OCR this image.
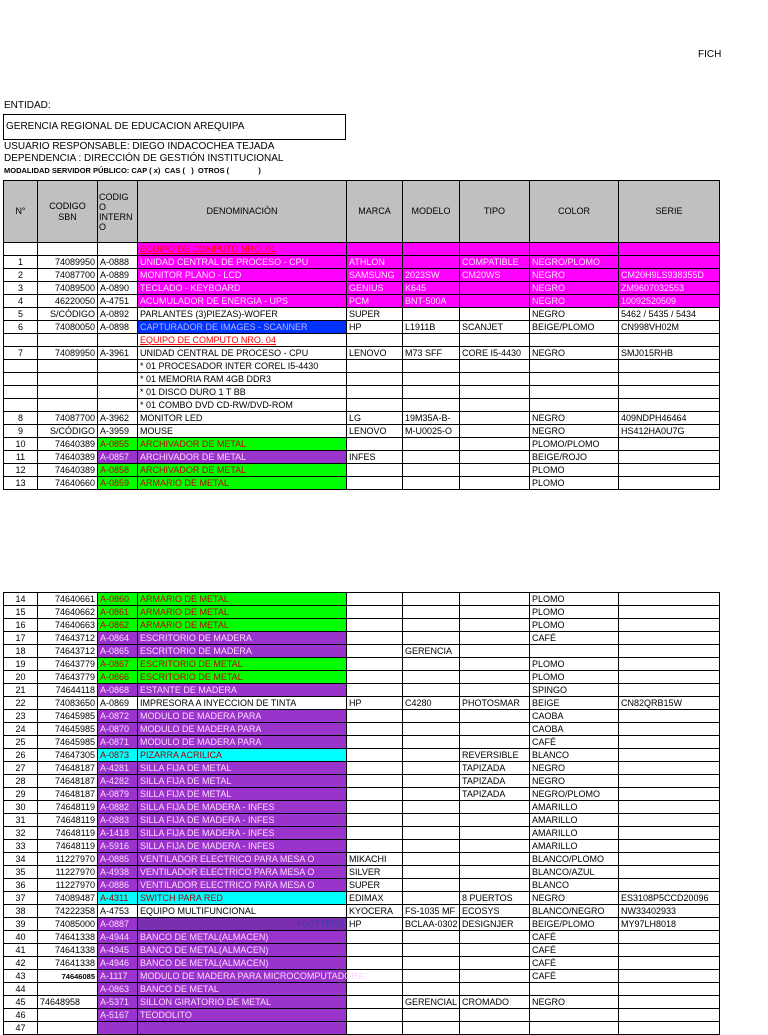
FICH
ENTIDAD:
GERENCIA REGIONAL DE EDUCACION AREQUIPA
USUARIO RESPONSABLE: DIEGO INDACOCHEA TEJADA
DEPENDENCIA : DIRECCIÓN DE GESTIÓN INSTITUCIONAL
MODALIDAD SERVIDOR PÚBLICO: CAP ( x)  CAS (   )  OTROS (              )
N°	CODIGO SBN	CODIGO INTERNO	DENOMINACIÓN	MARCA	MODELO	TIPO	COLOR	SERIE
			EQUIPO DE COMPUTO NRO. 01					
1	74089950	A-0888	UNIDAD CENTRAL DE PROCESO - CPU	ATHLON		COMPATIBLE	NEGRO/PLOMO	
2	74087700	A-0889	MONITOR PLANO - LCD	SAMSUNG	2023SW	CM20WS	NEGRO	CM20H9LS938355D
3	74089500	A-0890	TECLADO - KEYBOARD	GENIUS	K645		NEGRO	ZM9607032553
4	46220050	A-4751	ACUMULADOR DE ENERGIA - UPS	PCM	BNT-500A		NEGRO	10092520509
5	S/CÓDIGO	A-0892	PARLANTES (3)PIEZAS)-WOFER	SUPER			NEGRO	5462 / 5435 / 5434
6	74080050	A-0898	CAPTURADOR DE IMAGES - SCANNER	HP	L1911B	SCANJET	BEIGE/PLOMO	CN998VH02M
			EQUIPO DE COMPUTO NRO. 04					
7	74089950	A-3961	UNIDAD CENTRAL DE PROCESO - CPU	LENOVO	M73 SFF	CORE I5-4430	NEGRO	SMJ015RHB
			* 01 PROCESADOR INTER COREL I5-4430					
			* 01 MEMORIA RAM 4GB DDR3					
			* 01 DISCO DURO 1 T BB					
			* 01 COMBO DVD CD-RW/DVD-ROM					
8	74087700	A-3962	MONITOR LED	LG	19M35A-B-		NEGRO	409NDPH46464
9	S/CÓDIGO	A-3959	MOUSE	LENOVO	M-U0025-O		NEGRO	HS412HA0U7G
10	74640389	A-0855	ARCHIVADOR DE METAL				PLOMO/PLOMO	
11	74640389	A-0857	ARCHIVADOR DE METAL	INFES			BEIGE/ROJO	
12	74640389	A-0858	ARCHIVADOR DE METAL				PLOMO	
13	74640660	A-0859	ARMARIO DE METAL				PLOMO	
14	74640661	A-0860	ARMARIO DE METAL				PLOMO	
15	74640662	A-0861	ARMARIO DE METAL				PLOMO	
16	74640663	A-0862	ARMARIO DE METAL				PLOMO	
17	74643712	A-0864	ESCRITORIO DE MADERA				CAFÉ	
18	74643712	A-0865	ESCRITORIO DE MADERA		GERENCIA			
19	74643779	A-0867	ESCRITORIO DE METAL				PLOMO	
20	74643779	A-0866	ESCRITORIO DE METAL				PLOMO	
21	74644118	A-0868	ESTANTE DE MADERA				SPINGO	
22	74083650	A-0869	IMPRESORA A INYECCION DE TINTA	HP	C4280	PHOTOSMAR	BEIGE	CN82QRB15W
23	74645985	A-0872	MODULO DE MADERA PARA				CAOBA	
24	74645985	A-0870	MODULO DE MADERA PARA				CAOBA	
25	74645985	A-0871	MODULO DE MADERA PARA				CAFÉ	
26	74647305	A-0873	PIZARRA ACRILICA			REVERSIBLE	BLANCO	
27	74648187	A-4281	SILLA FIJA DE METAL			TAPIZADA	NEGRO	
28	74648187	A-4282	SILLA FIJA DE METAL			TAPIZADA	NEGRO	
29	74648187	A-0879	SILLA FIJA DE METAL			TAPIZADA	NEGRO/PLOMO	
30	74648119	A-0882	SILLA FIJA DE MADERA - INFES				AMARILLO	
31	74648119	A-0883	SILLA FIJA DE MADERA - INFES				AMARILLO	
32	74648119	A-1418	SILLA FIJA DE MADERA - INFES				AMARILLO	
33	74648119	A-5916	SILLA FIJA DE MADERA - INFES				AMARILLO	
34	11227970	A-0885	VENTILADOR ELECTRICO PARA MESA O	MIKACHI			BLANCO/PLOMO	
35	11227970	A-4938	VENTILADOR ELECTRICO PARA MESA O	SILVER			BLANCO/AZUL	
36	11227970	A-0886	VENTILADOR ELECTRICO PARA MESA O	SUPER			BLANCO	
37	74089487	A-4311	SWITCH PARA RED	EDIMAX		8 PUERTOS	NEGRO	ES3108P5CCD20096
38	74222358	A-4753	EQUIPO MULTIFUNCIONAL	KYOCERA	FS-1035 MF	ECOSYS	BLANCO/NEGRO	NW33402933
39	74085000	A-0887	PLOTTERS	HP	BCLAA-0302	DESIGNJER	BEIGE/PLOMO	MY97LH8018
40	74641338	A-4944	BANCO DE METAL(ALMACEN)				CAFÉ	
41	74641338	A-4945	BANCO DE METAL(ALMACEN)				CAFÉ	
42	74641338	A-4946	BANCO DE METAL(ALMACEN)				CAFÉ	
43	74646085	A-1117	MODULO DE MADERA PARA MICROCOMPUTADORA				CAFÉ	
44		A-0863	BANCO DE METAL					
45	74648958	A-5371	SILLON GIRATORIO DE METAL		GERENCIAL	CROMADO	NEGRO	
46		A-5167	TEODOLITO					
47								
